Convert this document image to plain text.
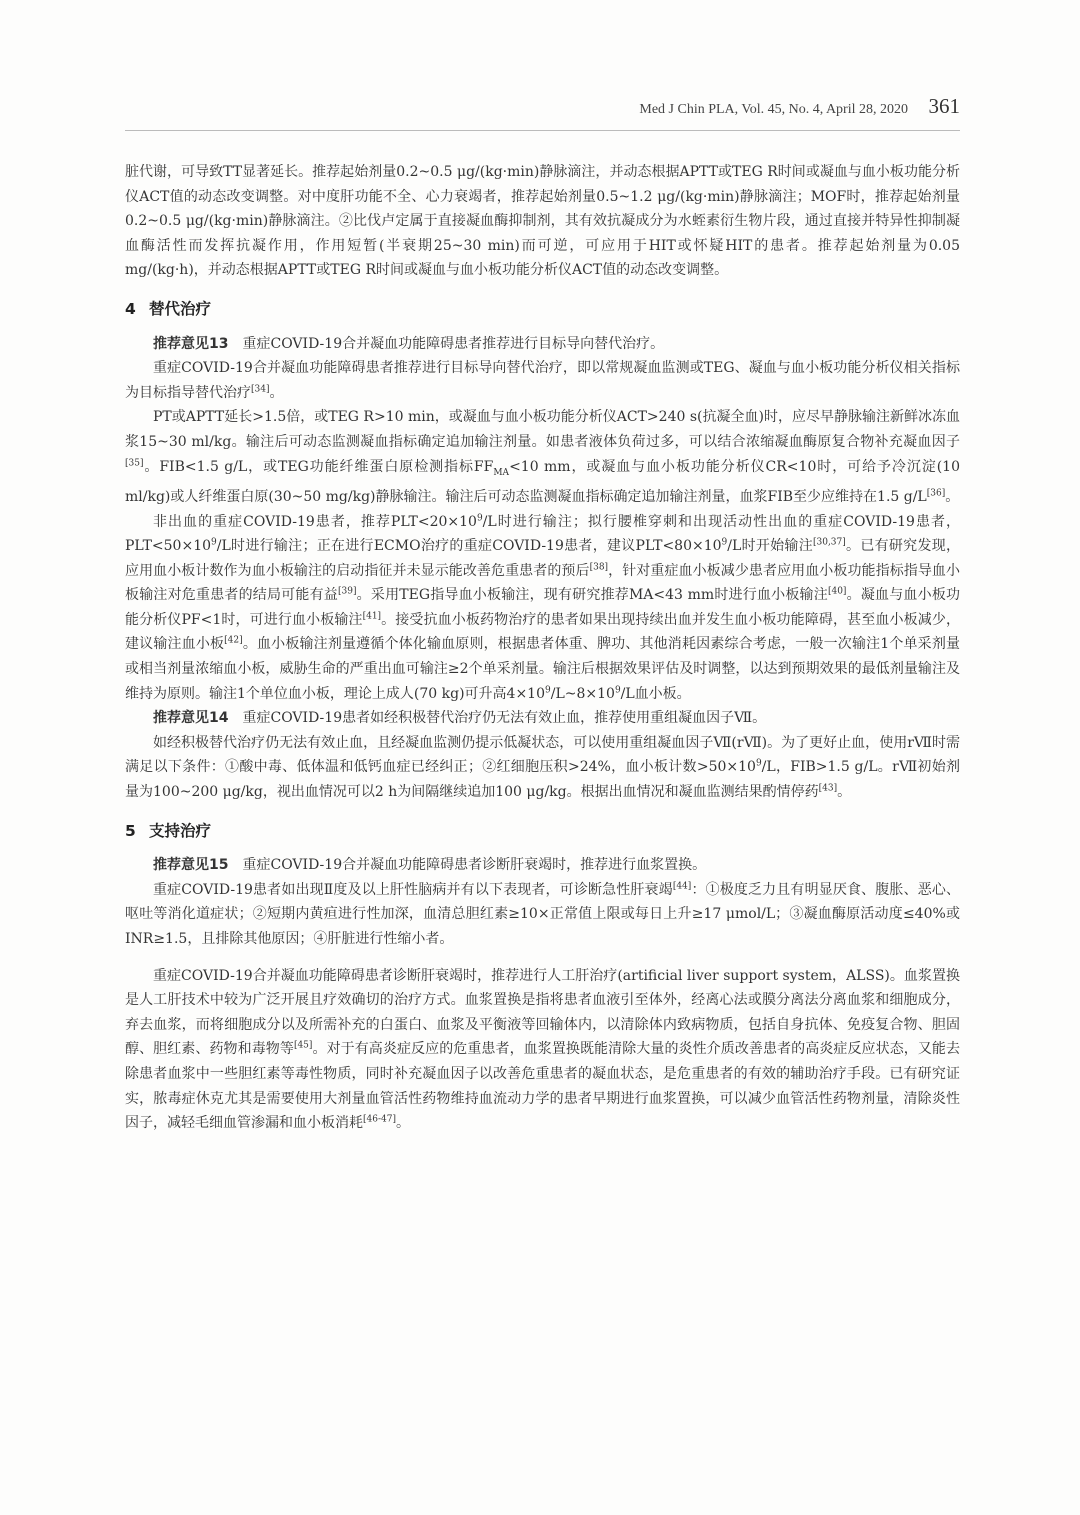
Med J Chin PLA, Vol. 45, No. 4, April 28, 2020 361

脏代谢，可导致TT显著延长。推荐起始剂量0.2~0.5 μg/(kg·min)静脉滴注，并动态根据APTT或TEG R时间或凝血与血小板功能分析仪ACT值的动态改变调整。对中度肝功能不全、心力衰竭者，推荐起始剂量0.5~1.2 μg/(kg·min)静脉滴注；MOF时，推荐起始剂量0.2~0.5 μg/(kg·min)静脉滴注。②比伐卢定属于直接凝血酶抑制剂，其有效抗凝成分为水蛭素衍生物片段，通过直接并特异性抑制凝血酶活性而发挥抗凝作用，作用短暂(半衰期25~30 min)而可逆，可应用于HIT或怀疑HIT的患者。推荐起始剂量为0.05 mg/(kg·h)，并动态根据APTT或TEG R时间或凝血与血小板功能分析仪ACT值的动态改变调整。

4 替代治疗

推荐意见13 重症COVID-19合并凝血功能障碍患者推荐进行目标导向替代治疗。

重症COVID-19合并凝血功能障碍患者推荐进行目标导向替代治疗，即以常规凝血监测或TEG、凝血与血小板功能分析仪相关指标为目标指导替代治疗[34]。

PT或APTT延长>1.5倍，或TEG R>10 min，或凝血与血小板功能分析仪ACT>240 s(抗凝全血)时，应尽早静脉输注新鲜冰冻血浆15~30 ml/kg。输注后可动态监测凝血指标确定追加输注剂量。如患者液体负荷过多，可以结合浓缩凝血酶原复合物补充凝血因子[35]。FIB<1.5 g/L，或TEG功能纤维蛋白原检测指标$FF_{MA}<10$ mm，或凝血与血小板功能分析仪CR<10时，可给予冷沉淀(10 ml/kg)或人纤维蛋白原(30~50 mg/kg)静脉输注。输注后可动态监测凝血指标确定追加输注剂量，血浆FIB至少应维持在1.5 g/L[36]。

非出血的重症COVID-19患者，推荐$PLT<20\times 10^9/L$时进行输注；拟行腰椎穿刺和出现活动性出血的重症COVID-19患者，$PLT<50\times 10^9/L$时进行输注；正在进行ECMO治疗的重症COVID-19患者，建议$PLT<80\times 10^9/L$时开始输注[30,37]。已有研究发现，应用血小板计数作为血小板输注的启动指征并未显示能改善危重患者的预后[38]，针对重症血小板减少患者应用血小板功能指标指导血小板输注对危重患者的结局可能有益[39]。采用TEG指导血小板输注，现有研究推荐MA<43 mm时进行血小板输注[40]。凝血与血小板功能分析仪PF<1时，可进行血小板输注[41]。接受抗血小板药物治疗的患者如果出现持续出血并发生血小板功能障碍，甚至血小板减少，建议输注血小板[42]。血小板输注剂量遵循个体化输血原则，根据患者体重、脾功、其他消耗因素综合考虑，一般一次输注1个单采剂量或相当剂量浓缩血小板，威胁生命的严重出血可输注≥2个单采剂量。输注后根据效果评估及时调整，以达到预期效果的最低剂量输注及维持为原则。输注1个单位血小板，理论上成人(70 kg)可升高$4\times 10^9/L\sim 8\times 10^9/L$血小板。

推荐意见14 重症COVID-19患者如经积极替代治疗仍无法有效止血，推荐使用重组凝血因子Ⅶ。

如经积极替代治疗仍无法有效止血，且经凝血监测仍提示低凝状态，可以使用重组凝血因子Ⅶ(rⅦ)。为了更好止血，使用rⅦ时需满足以下条件：①酸中毒、低体温和低钙血症已经纠正；②红细胞压积>24%，血小板计数$>50\times 10^9/L$，FIB>1.5 g/L。rⅦ初始剂量为100~200 μg/kg，视出血情况可以2 h为间隔继续追加100 μg/kg。根据出血情况和凝血监测结果酌情停药[43]。

5 支持治疗

推荐意见15 重症COVID-19合并凝血功能障碍患者诊断肝衰竭时，推荐进行血浆置换。

重症COVID-19患者如出现Ⅱ度及以上肝性脑病并有以下表现者，可诊断急性肝衰竭[44]：①极度乏力且有明显厌食、腹胀、恶心、呕吐等消化道症状；②短期内黄疸进行性加深，血清总胆红素≥10×正常值上限或每日上升≥17 μmol/L；③凝血酶原活动度≤40%或INR≥1.5，且排除其他原因；④肝脏进行性缩小者。

重症COVID-19合并凝血功能障碍患者诊断肝衰竭时，推荐进行人工肝治疗(artificial liver support system，ALSS)。血浆置换是人工肝技术中较为广泛开展且疗效确切的治疗方式。血浆置换是指将患者血液引至体外，经离心法或膜分离法分离血浆和细胞成分，弃去血浆，而将细胞成分以及所需补充的白蛋白、血浆及平衡液等回输体内，以清除体内致病物质，包括自身抗体、免疫复合物、胆固醇、胆红素、药物和毒物等[45]。对于有高炎症反应的危重患者，血浆置换既能清除大量的炎性介质改善患者的高炎症反应状态，又能去除患者血浆中一些胆红素等毒性物质，同时补充凝血因子以改善危重患者的凝血状态，是危重患者的有效的辅助治疗手段。已有研究证实，脓毒症休克尤其是需要使用大剂量血管活性药物维持血流动力学的患者早期进行血浆置换，可以减少血管活性药物剂量，清除炎性因子，减轻毛细血管渗漏和血小板消耗[46-47]。
